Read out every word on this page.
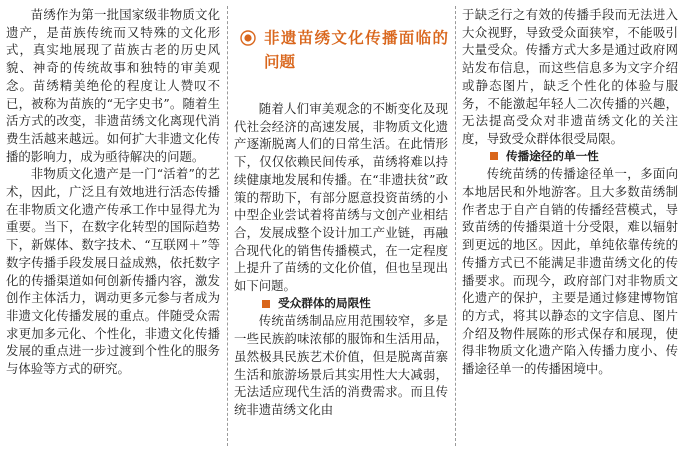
苗绣作为第一批国家级非物质文化遗产，是苗族传统而又特殊的文化形式，真实地展现了苗族古老的历史风貌、神奇的传统故事和独特的审美观念。苗绣精美绝伦的程度让人赞叹不已，被称为苗族的“无字史书”。随着生活方式的改变，非遗苗绣文化离现代消费生活越来越远。如何扩大非遗文化传播的影响力，成为亟待解决的问题。

非物质文化遗产是一门“活着”的艺术，因此，广泛且有效地进行活态传播在非物质文化遗产传承工作中显得尤为重要。当下，在数字化转型的国际趋势下，新媒体、数字技术、“互联网＋”等数字传播手段发展日益成熟，依托数字化的传播渠道如何创新传播内容，激发创作主体活力，调动更多元参与者成为非遗文化传播发展的重点。伴随受众需求更加多元化、个性化，非遗文化传播发展的重点进一步过渡到个性化的服务与体验等方式的研究。

非遗苗绣文化传播面临的问题

随着人们审美观念的不断变化及现代社会经济的高速发展，非物质文化遗产逐渐脱离人们的日常生活。在此情形下，仅仅依赖民间传承，苗绣将难以持续健康地发展和传播。在“非遗扶贫”政策的帮助下，有部分愿意投资苗绣的小中型企业尝试着将苗绣与文创产业相结合，发展成整个设计加工产业链，再融合现代化的销售传播模式，在一定程度上提升了苗绣的文化价值，但也呈现出如下问题。

受众群体的局限性

传统苗绣制品应用范围较窄，多是一些民族韵味浓郁的服饰和生活用品，虽然极具民族艺术价值，但是脱离苗寨生活和旅游场景后其实用性大大减弱，无法适应现代生活的消费需求。而且传统非遗苗绣文化由

于缺乏行之有效的传播手段而无法进入大众视野，导致受众面狭窄，不能吸引大量受众。传播方式大多是通过政府网站发布信息，而这些信息多为文字介绍或静态图片，缺乏个性化的体验与服务，不能激起年轻人二次传播的兴趣，无法提高受众对非遗苗绣文化的关注度，导致受众群体很受局限。

传播途径的单一性

传统苗绣的传播途径单一，多面向本地居民和外地游客。且大多数苗绣制作者忠于自产自销的传播经营模式，导致苗绣的传播渠道十分受限，难以辐射到更远的地区。因此，单纯依靠传统的传播方式已不能满足非遗苗绣文化的传播要求。而现今，政府部门对非物质文化遗产的保护，主要是通过修建博物馆的方式，将其以静态的文字信息、图片介绍及物件展陈的形式保存和展现，使得非物质文化遗产陷入传播力度小、传播途径单一的传播困境中。
